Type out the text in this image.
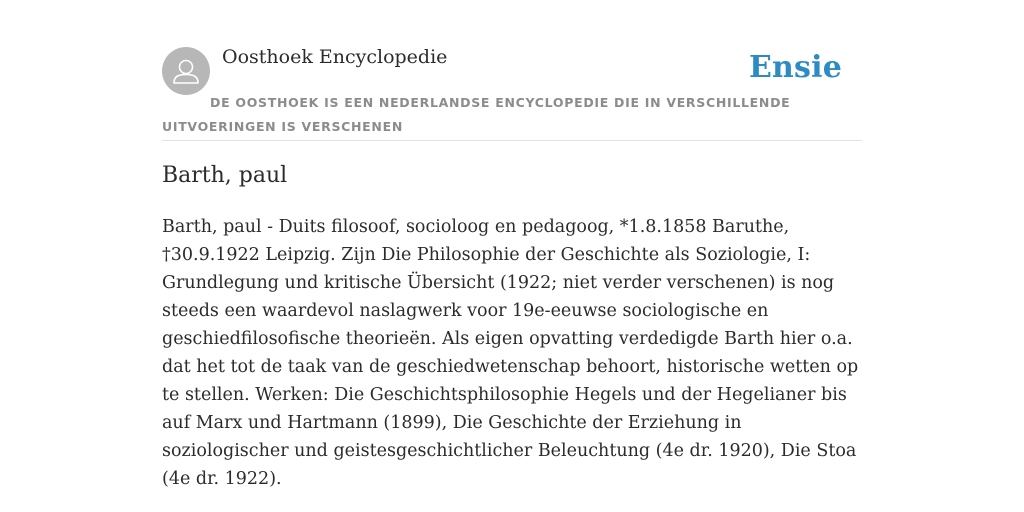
Oosthoek Encyclopedie	Ensie
DE OOSTHOEK IS EEN NEDERLANDSE ENCYCLOPEDIE DIE IN VERSCHILLENDE UITVOERINGEN IS VERSCHENEN
Barth, paul

Barth, paul - Duits filosoof, socioloog en pedagoog, *1.8.1858 Baruthe, †30.9.1922 Leipzig. Zijn Die Philosophie der Geschichte als Soziologie, I: Grundlegung und kritische Übersicht (1922; niet verder verschenen) is nog steeds een waardevol naslagwerk voor 19e-eeuwse sociologische en geschiedfilosofische theorieën. Als eigen opvatting verdedigde Barth hier o.a. dat het tot de taak van de geschiedwetenschap behoort, historische wetten op te stellen. Werken: Die Geschichtsphilosophie Hegels und der Hegelianer bis auf Marx und Hartmann (1899), Die Geschichte der Erziehung in soziologischer und geistesgeschichtlicher Beleuchtung (4e dr. 1920), Die Stoa (4e dr. 1922).
